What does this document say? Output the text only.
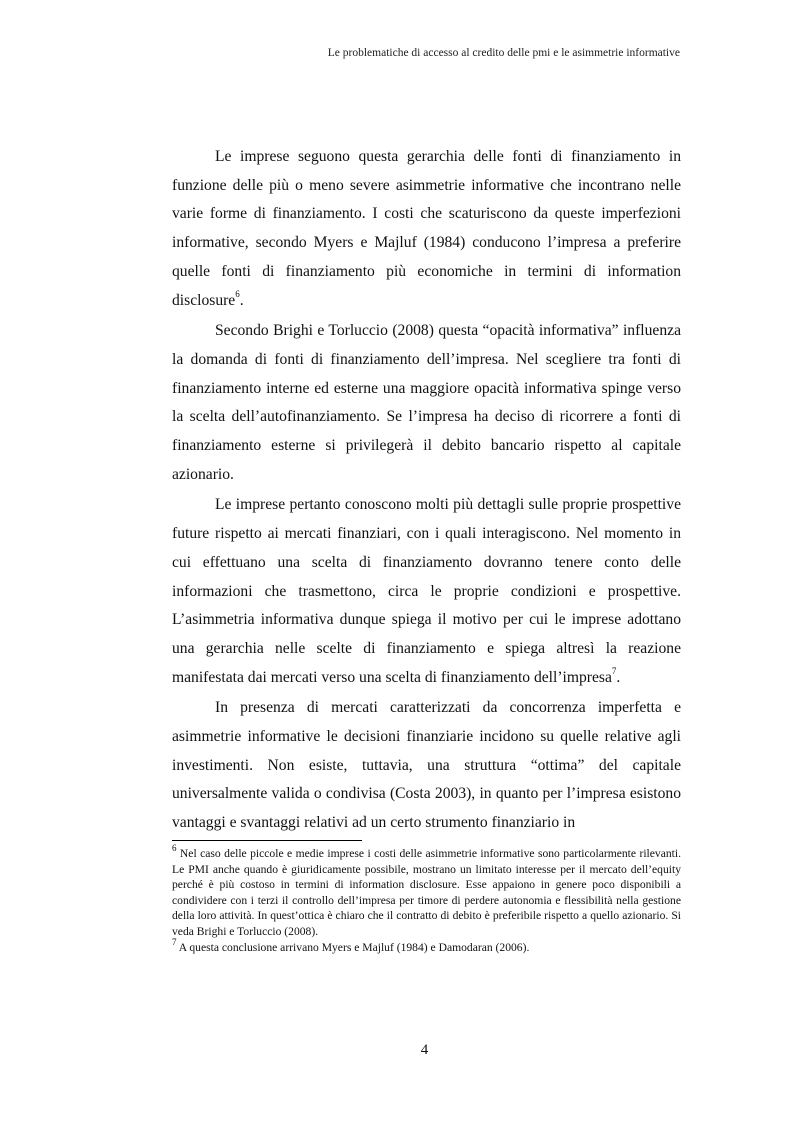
Le problematiche di accesso al credito delle pmi e le asimmetrie informative

Le imprese seguono questa gerarchia delle fonti di finanziamento in funzione delle più o meno severe asimmetrie informative che incontrano nelle varie forme di finanziamento. I costi che scaturiscono da queste imperfezioni informative, secondo Myers e Majluf (1984) conducono l’impresa a preferire quelle fonti di finanziamento più economiche in termini di information disclosure$^6$.

Secondo Brighi e Torluccio (2008) questa “opacità informativa” influenza la domanda di fonti di finanziamento dell’impresa. Nel scegliere tra fonti di finanziamento interne ed esterne una maggiore opacità informativa spinge verso la scelta dell’autofinanziamento. Se l’impresa ha deciso di ricorrere a fonti di finanziamento esterne si privilegerà il debito bancario rispetto al capitale azionario.

Le imprese pertanto conoscono molti più dettagli sulle proprie prospettive future rispetto ai mercati finanziari, con i quali interagiscono. Nel momento in cui effettuano una scelta di finanziamento dovranno tenere conto delle informazioni che trasmettono, circa le proprie condizioni e prospettive. L’asimmetria informativa dunque spiega il motivo per cui le imprese adottano una gerarchia nelle scelte di finanziamento e spiega altresì la reazione manifestata dai mercati verso una scelta di finanziamento dell’impresa$^7$.

In presenza di mercati caratterizzati da concorrenza imperfetta e asimmetrie informative le decisioni finanziarie incidono su quelle relative agli investimenti. Non esiste, tuttavia, una struttura “ottima” del capitale universalmente valida o condivisa (Costa 2003), in quanto per l’impresa esistono vantaggi e svantaggi relativi ad un certo strumento finanziario in

$^6$ Nel caso delle piccole e medie imprese i costi delle asimmetrie informative sono particolarmente rilevanti. Le PMI anche quando è giuridicamente possibile, mostrano un limitato interesse per il mercato dell’equity perché è più costoso in termini di information disclosure. Esse appaiono in genere poco disponibili a condividere con i terzi il controllo dell’impresa per timore di perdere autonomia e flessibilità nella gestione della loro attività. In quest’ottica è chiaro che il contratto di debito è preferibile rispetto a quello azionario. Si veda Brighi e Torluccio (2008).

$^7$ A questa conclusione arrivano Myers e Majluf (1984) e Damodaran (2006).

4
